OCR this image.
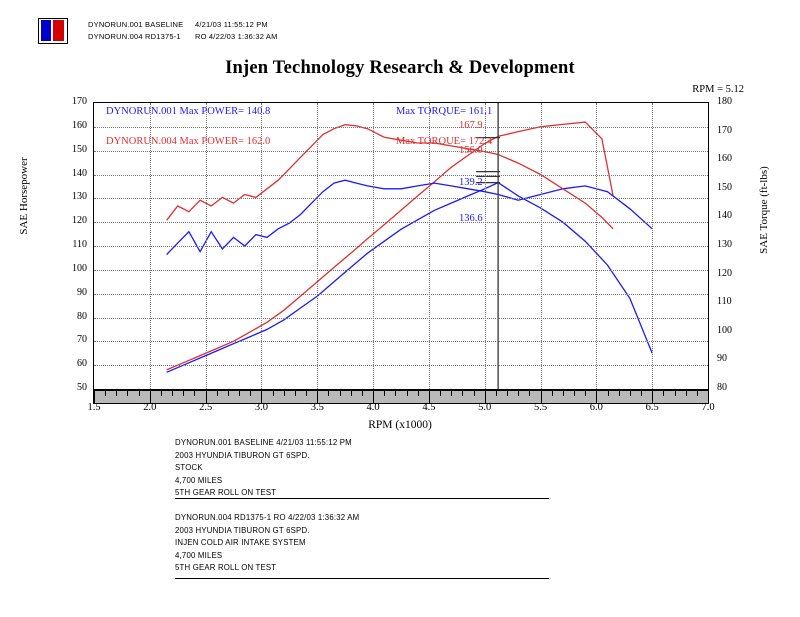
DYNORUN.001 BASELINE 4/21/03 11:55:12 PM
DYNORUN.004 RD1375-1 RO 4/22/03 1:36:32 AM
Injen Technology Research & Development
RPM = 5.12
50
60
70
80
90
100
110
120
130
140
150
160
170
80
90
100
110
120
130
140
150
160
170
180
1.5	2.0	2.5	3.0	3.5	4.0	4.5	5.0	5.5	6.0	6.5	7.0
SAE Horsepower	SAE Torque (ft-lbs)
RPM (x1000)
DYNORUN.001 Max POWER= 140.8	Max TORQUE= 161.1
DYNORUN.004 Max POWER= 162.0	Max TORQUE= 172.4
167.9
156.0
139.2
136.6
DYNORUN.001 BASELINE 4/21/03 11:55:12 PM
2003 HYUNDIA TIBURON GT 6SPD.
STOCK
4,700 MILES
5TH GEAR ROLL ON TEST
DYNORUN.004 RD1375-1 RO 4/22/03 1:36:32 AM
2003 HYUNDIA TIBURON GT 6SPD.
INJEN COLD AIR INTAKE SYSTEM
4,700 MILES
5TH GEAR ROLL ON TEST
